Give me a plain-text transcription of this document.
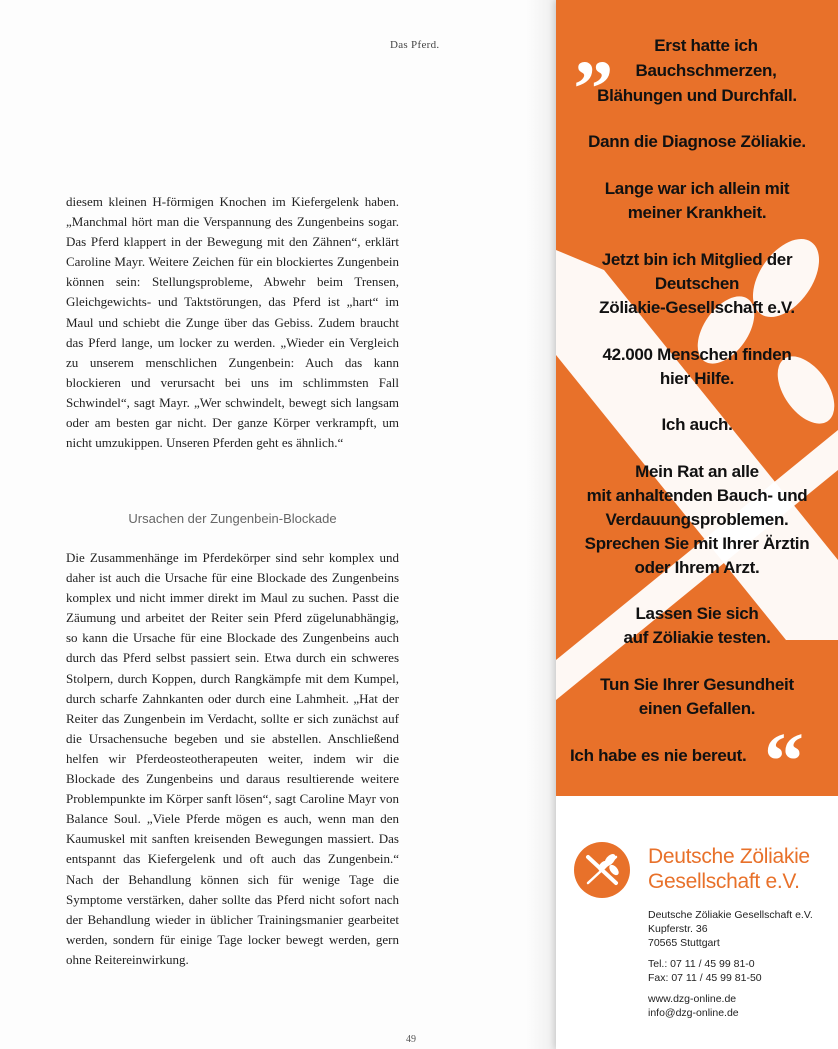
Das Pferd.
diesem kleinen H-förmigen Knochen im Kiefergelenk haben. „Manchmal hört man die Verspannung des Zungenbeins sogar. Das Pferd klappert in der Bewegung mit den Zähnen“, erklärt Caroline Mayr. Weitere Zeichen für ein blockiertes Zungenbein können sein: Stellungsprobleme, Abwehr beim Trensen, Gleichgewichts- und Taktstörungen, das Pferd ist „hart“ im Maul und schiebt die Zunge über das Gebiss. Zudem braucht das Pferd lange, um locker zu werden. „Wieder ein Vergleich zu unserem menschlichen Zungenbein: Auch das kann blockieren und verursacht bei uns im schlimmsten Fall Schwindel“, sagt Mayr. „Wer schwindelt, bewegt sich langsam oder am besten gar nicht. Der ganze Körper verkrampft, um nicht umzukippen. Unseren Pferden geht es ähnlich.“
Ursachen der Zungenbein-Blockade
Die Zusammenhänge im Pferdekörper sind sehr komplex und daher ist auch die Ursache für eine Blockade des Zungenbeins komplex und nicht immer direkt im Maul zu suchen. Passt die Zäumung und arbeitet der Reiter sein Pferd zügelunabhängig, so kann die Ursache für eine Blockade des Zungenbeins auch durch das Pferd selbst passiert sein. Etwa durch ein schweres Stolpern, durch Koppen, durch Rangkämpfe mit dem Kumpel, durch scharfe Zahnkanten oder durch eine Lahmheit. „Hat der Reiter das Zungenbein im Verdacht, sollte er sich zunächst auf die Ursachensuche begeben und sie abstellen. Anschließend helfen wir Pferdeosteotherapeuten weiter, indem wir die Blockade des Zungenbeins und daraus resultierende weitere Problempunkte im Körper sanft lösen“, sagt Caroline Mayr von Balance Soul. „Viele Pferde mögen es auch, wenn man den Kaumuskel mit sanften kreisenden Bewegungen massiert. Das entspannt das Kiefergelenk und oft auch das Zungenbein.“ Nach der Behandlung können sich für wenige Tage die Symptome verstärken, daher sollte das Pferd nicht sofort nach der Behandlung wieder in üblicher Trainingsmanier gearbeitet werden, sondern für einige Tage locker bewegt werden, gern ohne Reitereinwirkung.
49
„	Erst hatte ich
Bauchschmerzen,
Blähungen und Durchfall.
Dann die Diagnose Zöliakie.
Lange war ich allein mit
meiner Krankheit.
Jetzt bin ich Mitglied der
Deutschen
Zöliakie-Gesellschaft e.V.
42.000 Menschen finden
hier Hilfe.
Ich auch.
Mein Rat an alle
mit anhaltenden Bauch- und
Verdauungsproblemen.
Sprechen Sie mit Ihrer Ärztin
oder Ihrem Arzt.
Lassen Sie sich
auf Zöliakie testen.
Tun Sie Ihrer Gesundheit
einen Gefallen.
Ich habe es nie bereut. “
Deutsche Zöliakie
Gesellschaft e.V.
Deutsche Zöliakie Gesellschaft e.V.
Kupferstr. 36
70565 Stuttgart
Tel.: 07 11 / 45 99 81-0
Fax: 07 11 / 45 99 81-50
www.dzg-online.de
info@dzg-online.de
